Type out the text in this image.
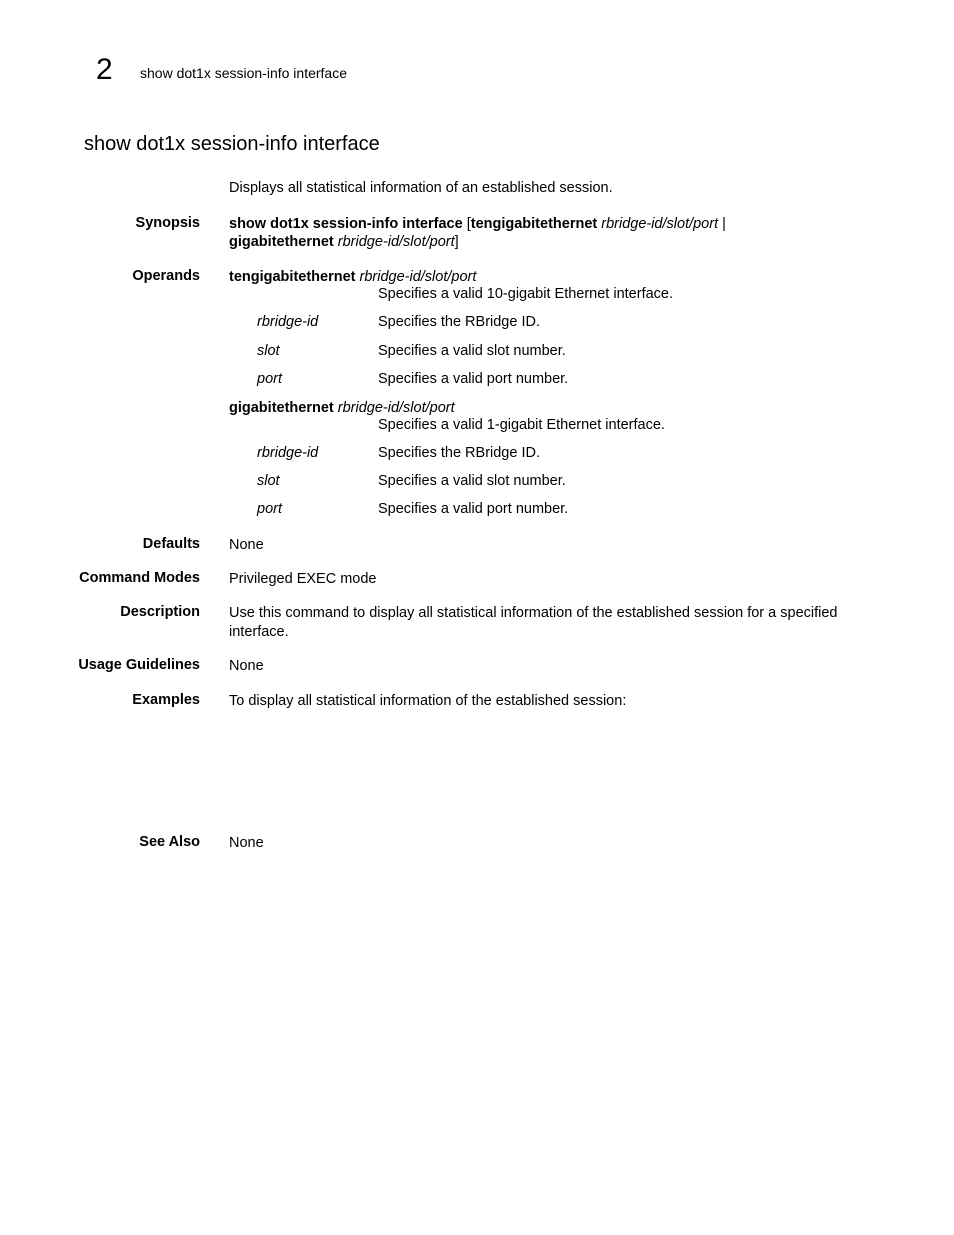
2 show dot1x session-info interface
show dot1x session-info interface
Displays all statistical information of an established session.
Synopsis show dot1x session-info interface [tengigabitethernet rbridge-id/slot/port |
gigabitethernet rbridge-id/slot/port]
Operands tengigabitethernet rbridge-id/slot/port
Specifies a valid 10-gigabit Ethernet interface.
rbridge-id	Specifies the RBridge ID.
slot	Specifies a valid slot number.
port	Specifies a valid port number.
gigabitethernet rbridge-id/slot/port
Specifies a valid 1-gigabit Ethernet interface.
rbridge-id	Specifies the RBridge ID.
slot	Specifies a valid slot number.
port	Specifies a valid port number.
Defaults None
Command Modes Privileged EXEC mode
Description Use this command to display all statistical information of the established session for a specified interface.
Usage Guidelines None
Examples To display all statistical information of the established session:
See Also None
